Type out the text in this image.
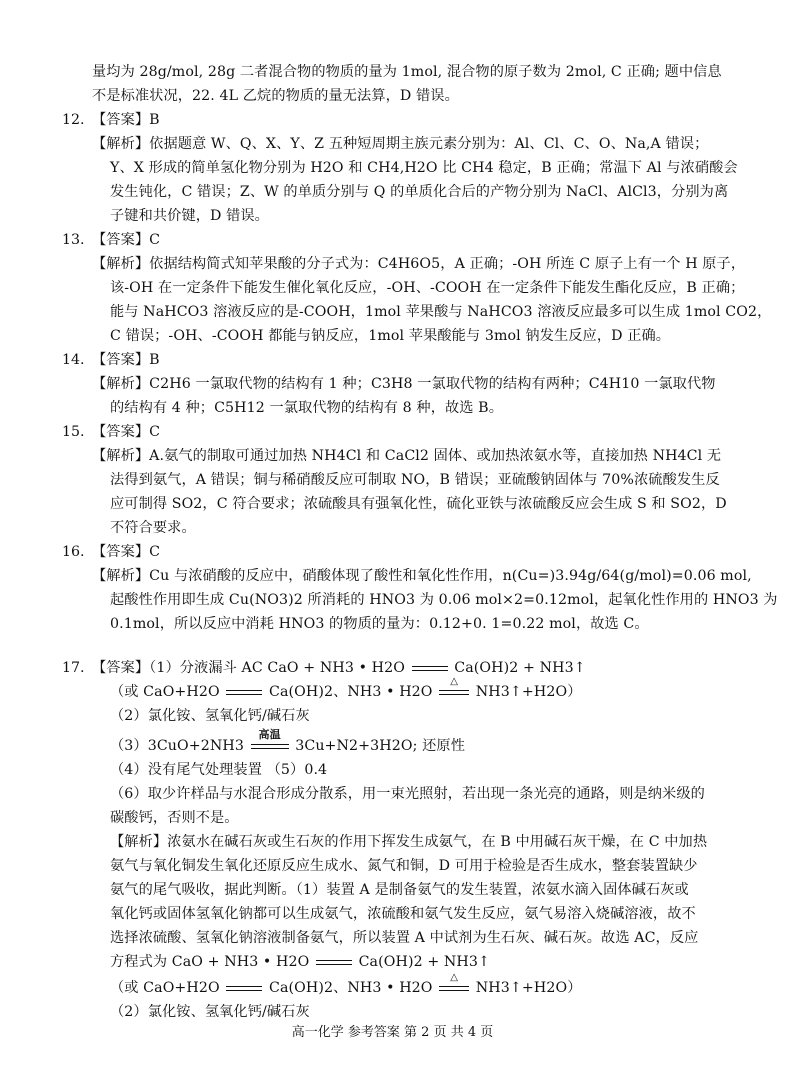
量均为 28g/mol, 28g 二者混合物的物质的量为 1mol, 混合物的原子数为 2mol, C 正确; 题中信息
不是标准状况，22. 4L 乙烷的物质的量无法算，D 错误。
12. 【答案】B
【解析】依据题意 W、Q、X、Y、Z 五种短周期主族元素分别为：Al、Cl、C、O、Na,A 错误；
Y、X 形成的简单氢化物分别为 H2O 和 CH4,H2O 比 CH4 稳定，B 正确；常温下 Al 与浓硝酸会
发生钝化，C 错误；Z、W 的单质分别与 Q 的单质化合后的产物分别为 NaCl、AlCl3，分别为离
子键和共价键，D 错误。
13. 【答案】C
【解析】依据结构简式知苹果酸的分子式为：C4H6O5，A 正确；-OH 所连 C 原子上有一个 H 原子，
该-OH 在一定条件下能发生催化氧化反应，-OH、-COOH 在一定条件下能发生酯化反应，B 正确；
能与 NaHCO3 溶液反应的是-COOH，1mol 苹果酸与 NaHCO3 溶液反应最多可以生成 1mol CO2，
C 错误；-OH、-COOH 都能与钠反应，1mol 苹果酸能与 3mol 钠发生反应，D 正确。
14. 【答案】B
【解析】C2H6 一氯取代物的结构有 1 种；C3H8 一氯取代物的结构有两种；C4H10 一氯取代物
的结构有 4 种；C5H12 一氯取代物的结构有 8 种，故选 B。
15. 【答案】C
【解析】A.氨气的制取可通过加热 NH4Cl 和 CaCl2 固体、或加热浓氨水等，直接加热 NH4Cl 无
法得到氨气，A 错误；铜与稀硝酸反应可制取 NO，B 错误；亚硫酸钠固体与 70%浓硫酸发生反
应可制得 SO2，C 符合要求；浓硫酸具有强氧化性，硫化亚铁与浓硫酸反应会生成 S 和 SO2，D
不符合要求。
16. 【答案】C
【解析】Cu 与浓硝酸的反应中，硝酸体现了酸性和氧化性作用，n(Cu=)3.94g/64(g/mol)=0.06 mol,
起酸性作用即生成 Cu(NO3)2 所消耗的 HNO3 为 0.06 mol×2=0.12mol，起氧化性作用的 HNO3 为
0.1mol，所以反应中消耗 HNO3 的物质的量为：0.12+0. 1=0.22 mol，故选 C。
17. 【答案】（1）分液漏斗 AC CaO + NH3 • H2O	Ca(OH)2 + NH3↑
（或 CaO+H2O	Ca(OH)2、NH3 • H2O
△
NH3↑+H2O）
（2）氯化铵、氢氧化钙/碱石灰
（3）3CuO+2NH3
高温
3Cu+N2+3H2O; 还原性
（4）没有尾气处理装置 （5）0.4
（6）取少许样品与水混合形成分散系，用一束光照射，若出现一条光亮的通路，则是纳米级的
碳酸钙，否则不是。
【解析】浓氨水在碱石灰或生石灰的作用下挥发生成氨气，在 B 中用碱石灰干燥，在 C 中加热
氨气与氧化铜发生氧化还原反应生成水、氮气和铜，D 可用于检验是否生成水，整套装置缺少
氨气的尾气吸收，据此判断。（1）装置 A 是制备氨气的发生装置，浓氨水滴入固体碱石灰或
氧化钙或固体氢氧化钠都可以生成氨气，浓硫酸和氨气发生反应，氨气易溶入烧碱溶液，故不
选择浓硫酸、氢氧化钠溶液制备氨气，所以装置 A 中试剂为生石灰、碱石灰。故选 AC，反应
方程式为 CaO + NH3 • H2O	Ca(OH)2 + NH3↑
（或 CaO+H2O	Ca(OH)2、NH3 • H2O
△
NH3↑+H2O）
（2）氯化铵、氢氧化钙/碱石灰
高一化学 参考答案 第 2 页 共 4 页
